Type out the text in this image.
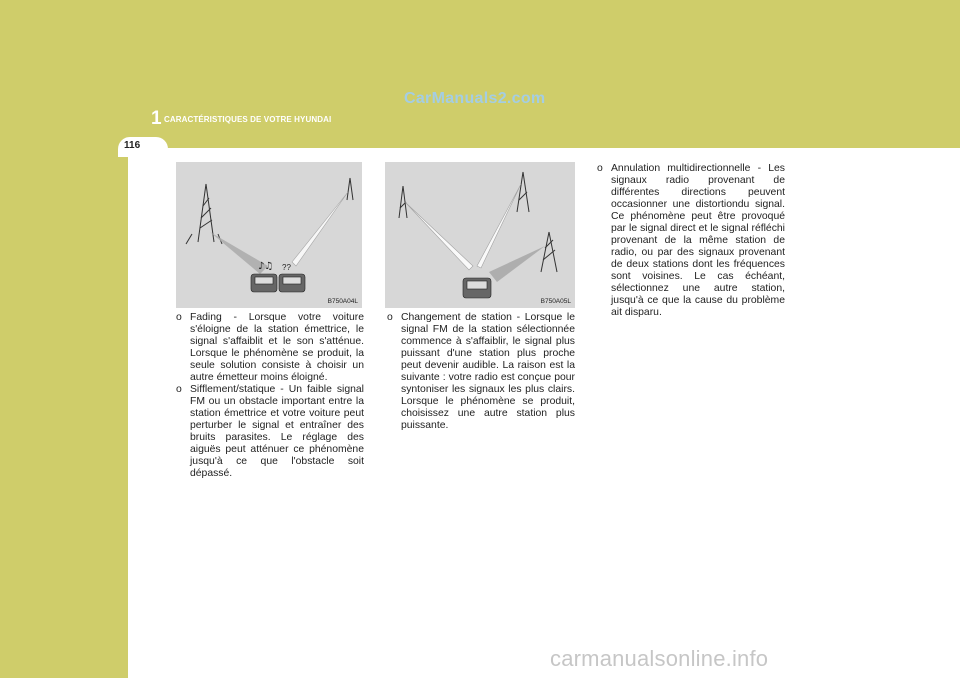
1 CARACTÉRISTIQUES DE VOTRE HYUNDAI
116
CarManuals2.com
♪♫ ??
B750A04L	B750A05L
o Fading - Lorsque votre voiture s'éloigne de la station émettrice, le signal s'affaiblit et le son s'atténue. Lorsque le phénomène se produit, la seule solution consiste à choisir un autre émetteur moins éloigné.
o Sifflement/statique - Un faible signal FM ou un obstacle important entre la station émettrice et votre voiture peut perturber le signal et entraîner des bruits parasites. Le réglage des aiguës peut atténuer ce phénomène jusqu'à ce que l'obstacle soit dépassé.
o Changement de station - Lorsque le signal FM de la station sélectionnée commence à s'affaiblir, le signal plus puissant d'une station plus proche peut devenir audible. La raison est la suivante : votre radio est conçue pour syntoniser les signaux les plus clairs. Lorsque le phénomène se produit, choisissez une autre station plus puissante.
o Annulation multidirectionnelle - Les signaux radio provenant de différentes directions peuvent occasionner une distortiondu signal. Ce phénomène peut être provoqué par le signal direct et le signal réfléchi provenant de la même station de radio, ou par des signaux provenant de deux stations dont les fréquences sont voisines. Le cas échéant, sélectionnez une autre station, jusqu'à ce que la cause du problème ait disparu.
carmanualsonline.info
